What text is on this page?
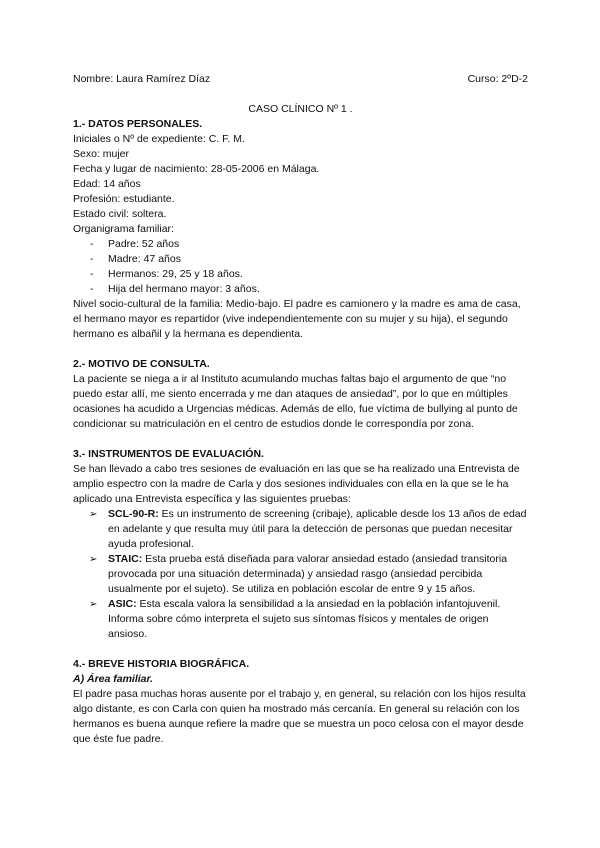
Nombre: Laura Ramírez Díaz	Curso: 2ºD-2
CASO CLÍNICO Nº 1 .
1.- DATOS PERSONALES.

Iniciales o Nº de expediente: C. F. M.

Sexo: mujer

Fecha y lugar de nacimiento: 28-05-2006 en Málaga.

Edad: 14 años

Profesión: estudiante.

Estado civil: soltera.

Organigrama familiar:

- Padre: 52 años
- Madre: 47 años
- Hermanos: 29, 25 y 18 años.
- Hija del hermano mayor: 3 años.

Nivel socio-cultural de la familia: Medio-bajo. El padre es camionero y la madre es ama de casa, el hermano mayor es repartidor (vive independientemente con su mujer y su hija), el segundo hermano es albañil y la hermana es dependienta.

2.- MOTIVO DE CONSULTA.

La paciente se niega a ir al Instituto acumulando muchas faltas bajo el argumento de que “no puedo estar allí, me siento encerrada y me dan ataques de ansiedad”, por lo que en múltiples ocasiones ha acudido a Urgencias médicas. Además de ello, fue víctima de bullying al punto de condicionar su matriculación en el centro de estudios donde le correspondía por zona.

3.- INSTRUMENTOS DE EVALUACIÓN.

Se han llevado a cabo tres sesiones de evaluación en las que se ha realizado una Entrevista de amplio espectro con la madre de Carla y dos sesiones individuales con ella en la que se le ha aplicado una Entrevista específica y las siguientes pruebas:

➢ SCL-90-R: Es un instrumento de screening (cribaje), aplicable desde los 13 años de edad en adelante y que resulta muy útil para la detección de personas que puedan necesitar ayuda profesional.
➢ STAIC: Esta prueba está diseñada para valorar ansiedad estado (ansiedad transitoria provocada por una situación determinada) y ansiedad rasgo (ansiedad percibida usualmente por el sujeto). Se utiliza en población escolar de entre 9 y 15 años.
➢ ASIC: Esta escala valora la sensibilidad a la ansiedad en la población infantojuvenil. Informa sobre cómo interpreta el sujeto sus síntomas físicos y mentales de origen ansioso.
4.- BREVE HISTORIA BIOGRÁFICA.

A) Área familiar.

El padre pasa muchas horas ausente por el trabajo y, en general, su relación con los hijos resulta algo distante, es con Carla con quien ha mostrado más cercanía. En general su relación con los hermanos es buena aunque refiere la madre que se muestra un poco celosa con el mayor desde que éste fue padre.
